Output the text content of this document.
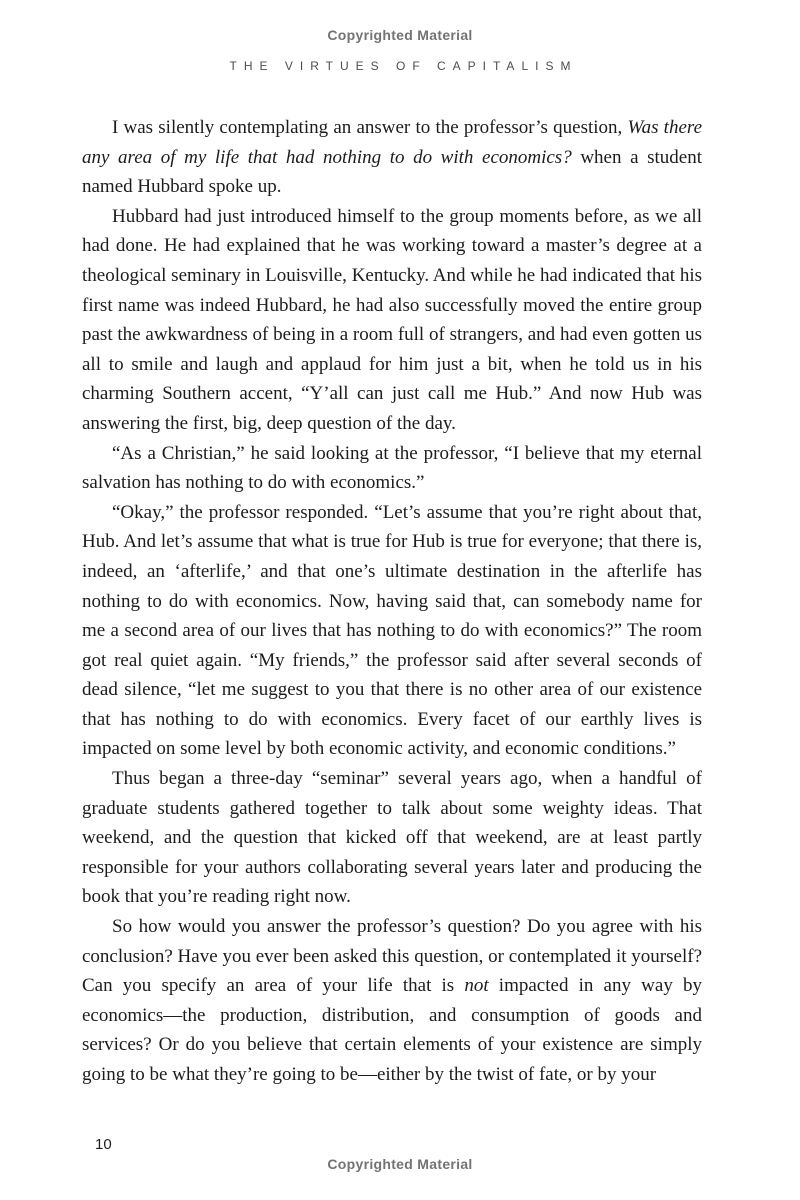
Copyrighted Material
THE VIRTUES OF CAPITALISM

I was silently contemplating an answer to the professor’s question, Was there any area of my life that had nothing to do with economics? when a student named Hubbard spoke up.

Hubbard had just introduced himself to the group moments before, as we all had done. He had explained that he was working toward a master’s degree at a theological seminary in Louisville, Kentucky. And while he had indicated that his first name was indeed Hubbard, he had also successfully moved the entire group past the awkwardness of being in a room full of strangers, and had even gotten us all to smile and laugh and applaud for him just a bit, when he told us in his charming Southern accent, “Y’all can just call me Hub.” And now Hub was answering the first, big, deep question of the day.

“As a Christian,” he said looking at the professor, “I believe that my eternal salvation has nothing to do with economics.”

“Okay,” the professor responded. “Let’s assume that you’re right about that, Hub. And let’s assume that what is true for Hub is true for everyone; that there is, indeed, an ‘afterlife,’ and that one’s ultimate destination in the afterlife has nothing to do with economics. Now, having said that, can somebody name for me a second area of our lives that has nothing to do with economics?” The room got real quiet again. “My friends,” the professor said after several seconds of dead silence, “let me suggest to you that there is no other area of our existence that has nothing to do with economics. Every facet of our earthly lives is impacted on some level by both economic activity, and economic conditions.”

Thus began a three-day “seminar” several years ago, when a handful of graduate students gathered together to talk about some weighty ideas. That weekend, and the question that kicked off that weekend, are at least partly responsible for your authors collaborating several years later and producing the book that you’re reading right now.

So how would you answer the professor’s question? Do you agree with his conclusion? Have you ever been asked this question, or contemplated it yourself? Can you specify an area of your life that is not impacted in any way by economics—the production, distribution, and consumption of goods and services? Or do you believe that certain elements of your existence are simply going to be what they’re going to be—either by the twist of fate, or by your

10
Copyrighted Material
